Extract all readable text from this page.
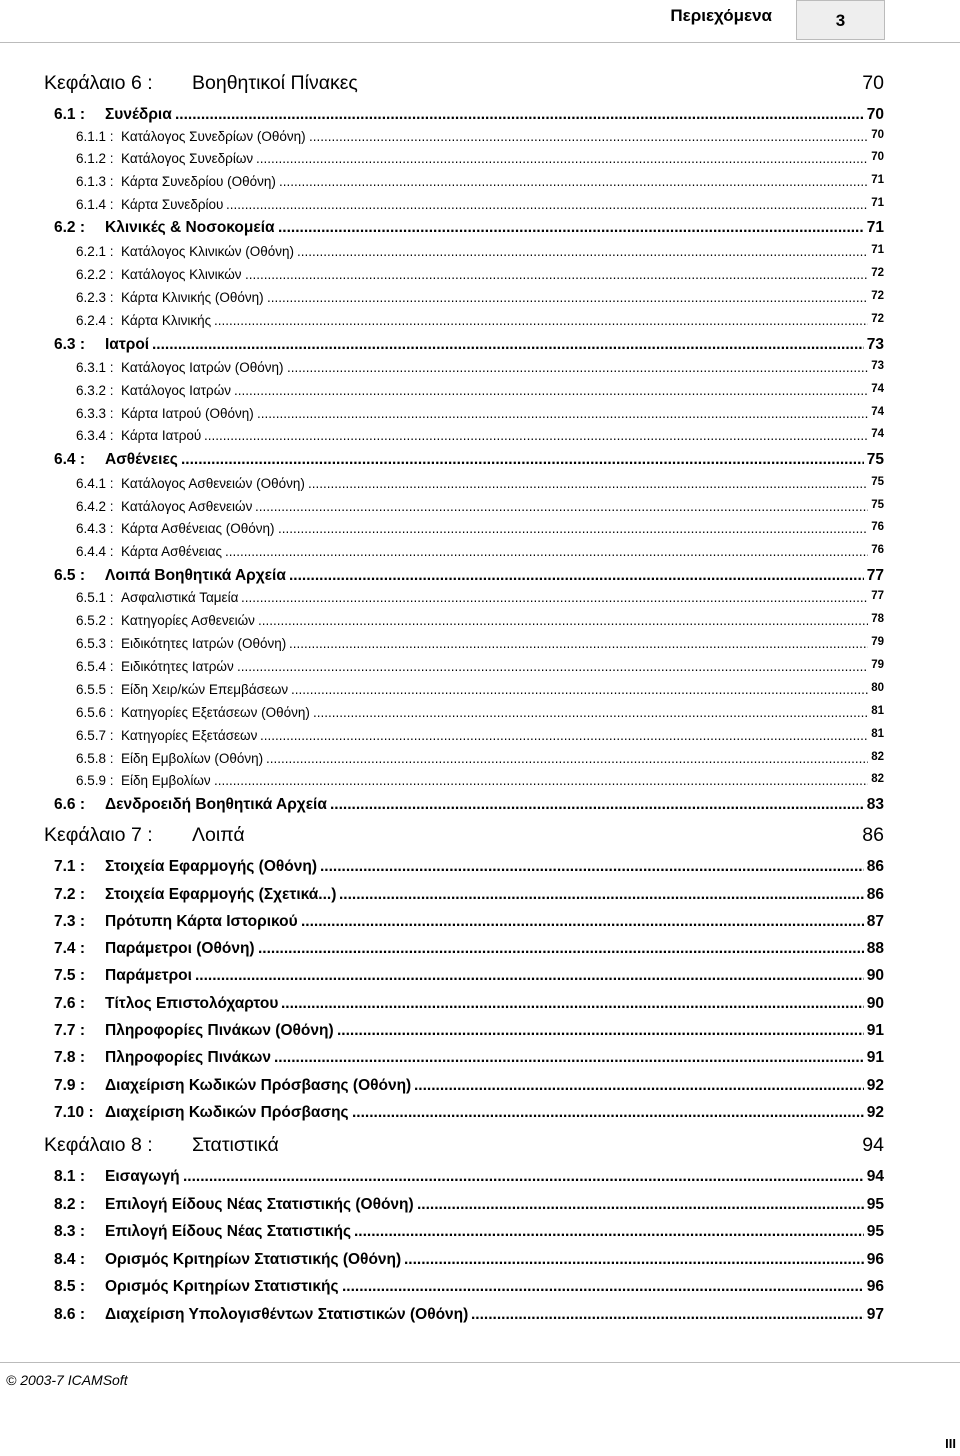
Περιεχόμενα	3
Κεφάλαιο 6 : Βοηθητικοί Πίνακες	70
6.1 : Συνέδρια .....	70
6.1.1 : Κατάλογος Συνεδρίων (Οθόνη) .....	70
6.1.2 : Κατάλογος Συνεδρίων .....	70
6.1.3 : Κάρτα Συνεδρίου (Οθόνη) .....	71
6.1.4 : Κάρτα Συνεδρίου .....	71
6.2 : Κλινικές & Νοσοκομεία .....	71
6.2.1 : Κατάλογος Κλινικών (Οθόνη) .....	71
6.2.2 : Κατάλογος Κλινικών .....	72
6.2.3 : Κάρτα Κλινικής (Οθόνη) .....	72
6.2.4 : Κάρτα Κλινικής .....	72
6.3 : Ιατροί .....	73
6.3.1 : Κατάλογος Ιατρών (Οθόνη) .....	73
6.3.2 : Κατάλογος Ιατρών .....	74
6.3.3 : Κάρτα Ιατρού (Οθόνη) .....	74
6.3.4 : Κάρτα Ιατρού .....	74
6.4 : Ασθένειες .....	75
6.4.1 : Κατάλογος Ασθενειών (Οθόνη) .....	75
6.4.2 : Κατάλογος Ασθενειών .....	75
6.4.3 : Κάρτα Ασθένειας (Οθόνη) .....	76
6.4.4 : Κάρτα Ασθένειας .....	76
6.5 : Λοιπά Βοηθητικά Αρχεία .....	77
6.5.1 : Ασφαλιστικά Ταμεία .....	77
6.5.2 : Κατηγορίες Ασθενειών .....	78
6.5.3 : Ειδικότητες Ιατρών (Οθόνη) .....	79
6.5.4 : Ειδικότητες Ιατρών .....	79
6.5.5 : Είδη Χειρ/κών Επεμβάσεων .....	80
6.5.6 : Κατηγορίες Εξετάσεων (Οθόνη) .....	81
6.5.7 : Κατηγορίες Εξετάσεων .....	81
6.5.8 : Είδη Εμβολίων (Οθόνη) .....	82
6.5.9 : Είδη Εμβολίων .....	82
6.6 : Δενδροειδή Βοηθητικά Αρχεία .....	83
Κεφάλαιο 7 : Λοιπά	86
7.1 : Στοιχεία Εφαρμογής (Οθόνη) .....	86
7.2 : Στοιχεία Εφαρμογής (Σχετικά...) .....	86
7.3 : Πρότυπη Κάρτα Ιστορικού .....	87
7.4 : Παράμετροι (Οθόνη) .....	88
7.5 : Παράμετροι .....	90
7.6 : Τίτλος Επιστολόχαρτου .....	90
7.7 : Πληροφορίες Πινάκων (Οθόνη) .....	91
7.8 : Πληροφορίες Πινάκων .....	91
7.9 : Διαχείριση Κωδικών Πρόσβασης (Οθόνη) .....	92
7.10 : Διαχείριση Κωδικών Πρόσβασης .....	92
Κεφάλαιο 8 : Στατιστικά	94
8.1 : Εισαγωγή .....	94
8.2 : Επιλογή Είδους Νέας Στατιστικής (Οθόνη) .....	95
8.3 : Επιλογή Είδους Νέας Στατιστικής .....	95
8.4 : Ορισμός Κριτηρίων Στατιστικής (Οθόνη) .....	96
8.5 : Ορισμός Κριτηρίων Στατιστικής .....	96
8.6 : Διαχείριση Υπολογισθέντων Στατιστικών (Οθόνη) .....	97
© 2003-7 ICAMSoft
III
